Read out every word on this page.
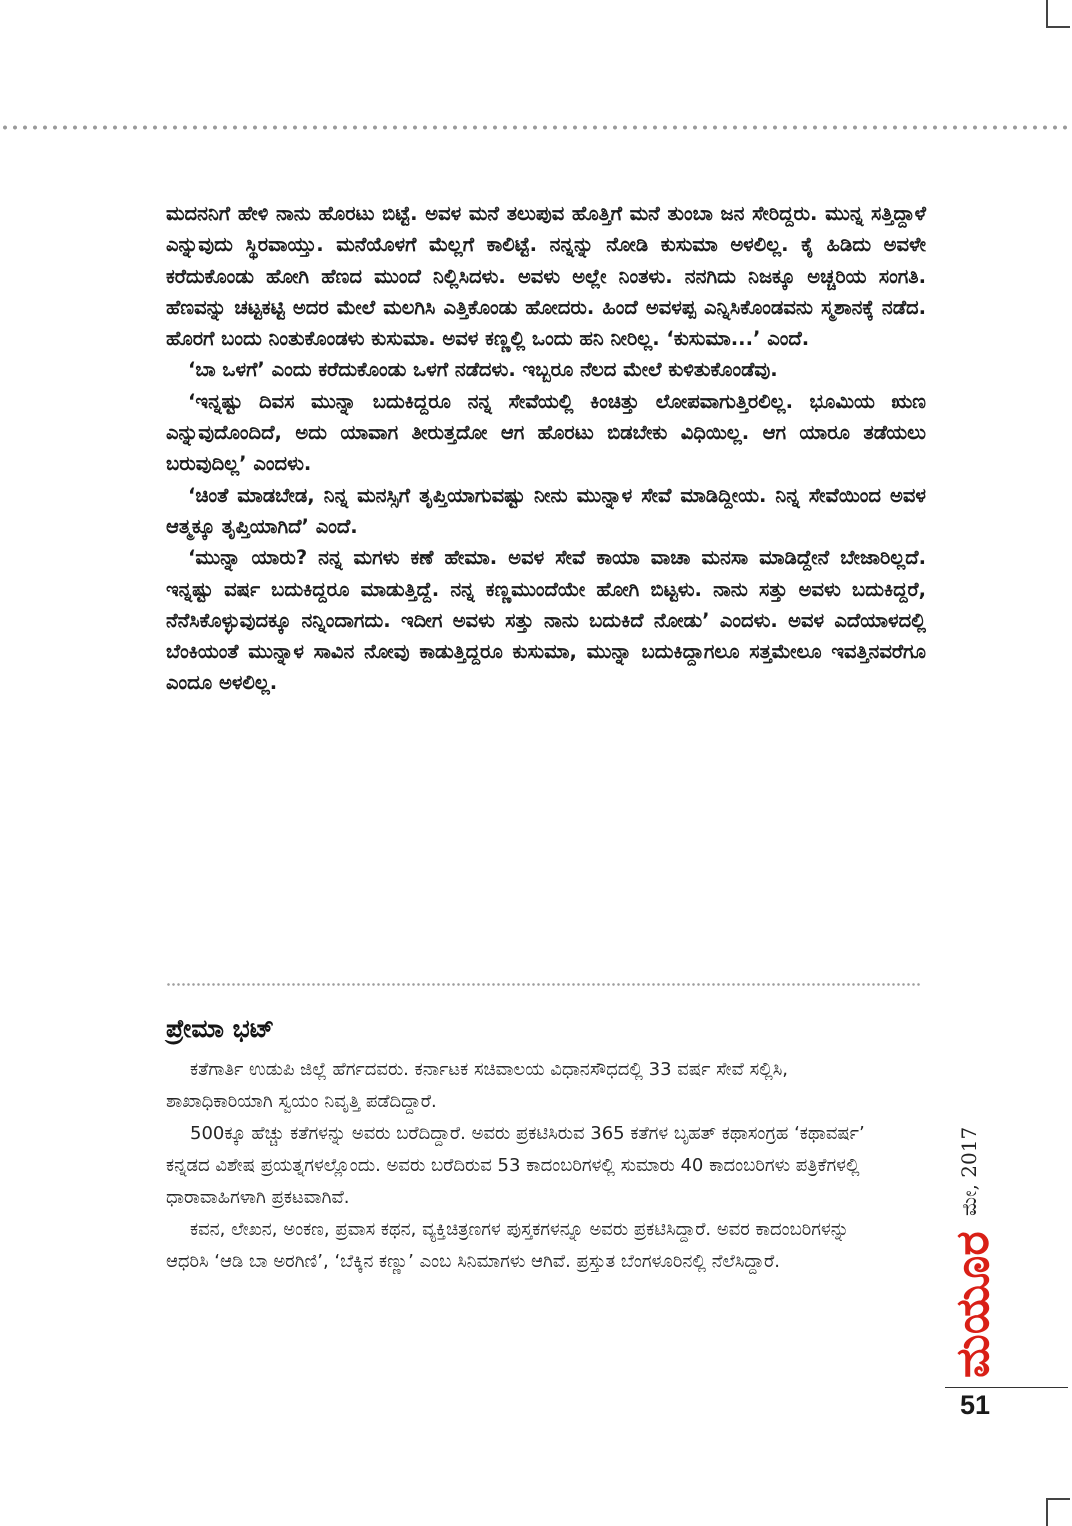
ಮದನನಿಗೆ ಹೇಳಿ ನಾನು ಹೊರಟು ಬಿಟ್ಟೆ. ಅವಳ ಮನೆ ತಲುಪುವ ಹೊತ್ತಿಗೆ ಮನೆ ತುಂಬಾ ಜನ ಸೇರಿದ್ದರು. ಮುನ್ನ ಸತ್ತಿದ್ದಾಳೆ ಎನ್ನುವುದು ಸ್ಥಿರವಾಯ್ತು. ಮನೆಯೊಳಗೆ ಮೆಲ್ಲಗೆ ಕಾಲಿಟ್ಟೆ. ನನ್ನನ್ನು ನೋಡಿ ಕುಸುಮಾ ಅಳಲಿಲ್ಲ. ಕೈ ಹಿಡಿದು ಅವಳೇ ಕರೆದುಕೊಂಡು ಹೋಗಿ ಹೆಣದ ಮುಂದೆ ನಿಲ್ಲಿಸಿದಳು. ಅವಳು ಅಲ್ಲೇ ನಿಂತಳು. ನನಗಿದು ನಿಜಕ್ಕೂ ಅಚ್ಚರಿಯ ಸಂಗತಿ. ಹೆಣವನ್ನು ಚಟ್ಟಕಟ್ಟಿ ಅದರ ಮೇಲೆ ಮಲಗಿಸಿ ಎತ್ತಿಕೊಂಡು ಹೋದರು. ಹಿಂದೆ ಅವಳಪ್ಪ ಎನ್ನಿಸಿಕೊಂಡವನು ಸ್ಮಶಾನಕ್ಕೆ ನಡೆದ. ಹೊರಗೆ ಬಂದು ನಿಂತುಕೊಂಡಳು ಕುಸುಮಾ. ಅವಳ ಕಣ್ಣಲ್ಲಿ ಒಂದು ಹನಿ ನೀರಿಲ್ಲ. ‘ಕುಸುಮಾ...’ ಎಂದೆ.

‘ಬಾ ಒಳಗೆ’ ಎಂದು ಕರೆದುಕೊಂಡು ಒಳಗೆ ನಡೆದಳು. ಇಬ್ಬರೂ ನೆಲದ ಮೇಲೆ ಕುಳಿತುಕೊಂಡೆವು.

‘ಇನ್ನಷ್ಟು ದಿವಸ ಮುನ್ನಾ ಬದುಕಿದ್ದರೂ ನನ್ನ ಸೇವೆಯಲ್ಲಿ ಕಿಂಚಿತ್ತು ಲೋಪವಾಗುತ್ತಿರಲಿಲ್ಲ. ಭೂಮಿಯ ಋಣ ಎನ್ನುವುದೊಂದಿದೆ, ಅದು ಯಾವಾಗ ತೀರುತ್ತದೋ ಆಗ ಹೊರಟು ಬಿಡಬೇಕು ವಿಧಿಯಿಲ್ಲ. ಆಗ ಯಾರೂ ತಡೆಯಲು ಬರುವುದಿಲ್ಲ’ ಎಂದಳು.

‘ಚಿಂತೆ ಮಾಡಬೇಡ, ನಿನ್ನ ಮನಸ್ಸಿಗೆ ತೃಪ್ತಿಯಾಗುವಷ್ಟು ನೀನು ಮುನ್ನಾಳ ಸೇವೆ ಮಾಡಿದ್ದೀಯ. ನಿನ್ನ ಸೇವೆಯಿಂದ ಅವಳ ಆತ್ಮಕ್ಕೂ ತೃಪ್ತಿಯಾಗಿದೆ’ ಎಂದೆ.

‘ಮುನ್ನಾ ಯಾರು? ನನ್ನ ಮಗಳು ಕಣೆ ಹೇಮಾ. ಅವಳ ಸೇವೆ ಕಾಯಾ ವಾಚಾ ಮನಸಾ ಮಾಡಿದ್ದೇನೆ ಬೇಜಾರಿಲ್ಲದೆ. ಇನ್ನಷ್ಟು ವರ್ಷ ಬದುಕಿದ್ದರೂ ಮಾಡುತ್ತಿದ್ದೆ. ನನ್ನ ಕಣ್ಣಮುಂದೆಯೇ ಹೋಗಿ ಬಿಟ್ಟಳು. ನಾನು ಸತ್ತು ಅವಳು ಬದುಕಿದ್ದರೆ, ನೆನೆಸಿಕೊಳ್ಳುವುದಕ್ಕೂ ನನ್ನಿಂದಾಗದು. ಇದೀಗ ಅವಳು ಸತ್ತು ನಾನು ಬದುಕಿದೆ ನೋಡು’ ಎಂದಳು. ಅವಳ ಎದೆಯಾಳದಲ್ಲಿ ಬೆಂಕಿಯಂತೆ ಮುನ್ನಾಳ ಸಾವಿನ ನೋವು ಕಾಡುತ್ತಿದ್ದರೂ ಕುಸುಮಾ, ಮುನ್ನಾ ಬದುಕಿದ್ದಾಗಲೂ ಸತ್ತಮೇಲೂ ಇವತ್ತಿನವರೆಗೂ ಎಂದೂ ಅಳಲಿಲ್ಲ.

ಪ್ರೇಮಾ ಭಟ್

ಕತೆಗಾರ್ತಿ ಉಡುಪಿ ಜಿಲ್ಲೆ ಹೆರ್ಗದವರು. ಕರ್ನಾಟಕ ಸಚಿವಾಲಯ ವಿಧಾನಸೌಧದಲ್ಲಿ 33 ವರ್ಷ ಸೇವೆ ಸಲ್ಲಿಸಿ, ಶಾಖಾಧಿಕಾರಿಯಾಗಿ ಸ್ವಯಂ ನಿವೃತ್ತಿ ಪಡೆದಿದ್ದಾರೆ.

500ಕ್ಕೂ ಹೆಚ್ಚು ಕತೆಗಳನ್ನು ಅವರು ಬರೆದಿದ್ದಾರೆ. ಅವರು ಪ್ರಕಟಿಸಿರುವ 365 ಕತೆಗಳ ಬೃಹತ್ ಕಥಾಸಂಗ್ರಹ ‘ಕಥಾವರ್ಷ’ ಕನ್ನಡದ ವಿಶೇಷ ಪ್ರಯತ್ನಗಳಲ್ಲೊಂದು. ಅವರು ಬರೆದಿರುವ 53 ಕಾದಂಬರಿಗಳಲ್ಲಿ ಸುಮಾರು 40 ಕಾದಂಬರಿಗಳು ಪತ್ರಿಕೆಗಳಲ್ಲಿ ಧಾರಾವಾಹಿಗಳಾಗಿ ಪ್ರಕಟವಾಗಿವೆ.

ಕವನ, ಲೇಖನ, ಅಂಕಣ, ಪ್ರವಾಸ ಕಥನ, ವ್ಯಕ್ತಿಚಿತ್ರಣಗಳ ಪುಸ್ತಕಗಳನ್ನೂ ಅವರು ಪ್ರಕಟಿಸಿದ್ದಾರೆ. ಅವರ ಕಾದಂಬರಿಗಳನ್ನು ಆಧರಿಸಿ ‘ಆಡಿ ಬಾ ಅರಗಿಣಿ’, ‘ಬೆಕ್ಕಿನ ಕಣ್ಣು’ ಎಂಬ ಸಿನಿಮಾಗಳು ಆಗಿವೆ. ಪ್ರಸ್ತುತ ಬೆಂಗಳೂರಿನಲ್ಲಿ ನೆಲೆಸಿದ್ದಾರೆ.

ಮೇ, 2017
ಮಯೂರ
51
